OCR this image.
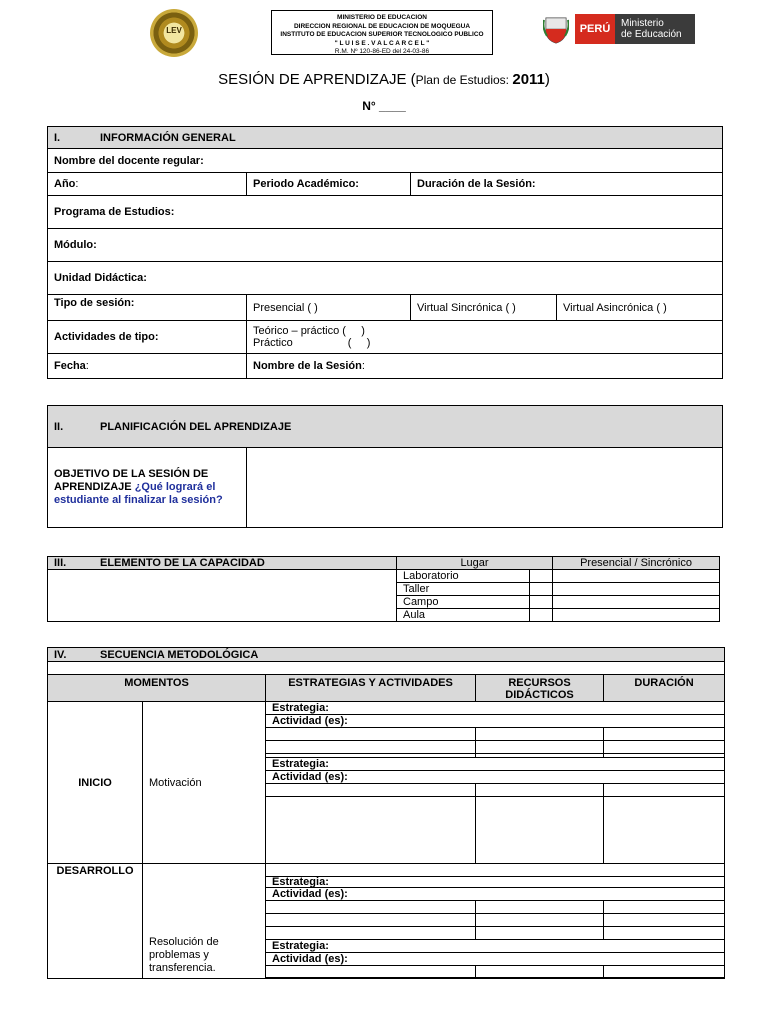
LEV
MINISTERIO DE EDUCACION
DIRECCION REGIONAL DE EDUCACION DE MOQUEGUA
INSTITUTO DE EDUCACION SUPERIOR TECNOLOGICO PUBLICO
" L U I S E . V A L C A R C E L "
R.M. Nº 120-86-ED del 24-03-86
PERÚ	Ministerio
de Educación
SESIÓN DE APRENDIZAJE (Plan de Estudios: 2011)
N° ____
I. INFORMACIÓN GENERAL			
Nombre del docente regular:			
Año:	Periodo Académico:	Duración de la Sesión:	
Programa de Estudios:			
Módulo:			
Unidad Didáctica:			
Tipo de sesión:	Presencial ( )	Virtual Sincrónica ( )	Virtual Asincrónica ( )
Actividades de tipo:	Teórico – práctico (     )
Práctico                  (     )		

Fecha:	Nombre de la Sesión:		
II.	PLANIFICACIÓN DEL APRENDIZAJE
OBJETIVO DE LA SESIÓN DE APRENDIZAJE ¿Qué logrará el estudiante al finalizar la sesión?	
III. ELEMENTO DE LA CAPACIDAD	Lugar		Presencial / Sincrónico
	Laboratorio		
	Taller		
	Campo		
	Aula		
IV. SECUENCIA METODOLÓGICA				

MOMENTOS		ESTRATEGIAS Y ACTIVIDADES	RECURSOS DIDÁCTICOS	DURACIÓN
INICIO	Motivación	Estrategia:		
		Actividad (es):		

		Estrategia:		
		Actividad (es):		

DESARROLLO	Resolución de problemas y transferencia.			
		Estrategia:		
		Actividad (es):		

		Estrategia:		
		Actividad (es):		
